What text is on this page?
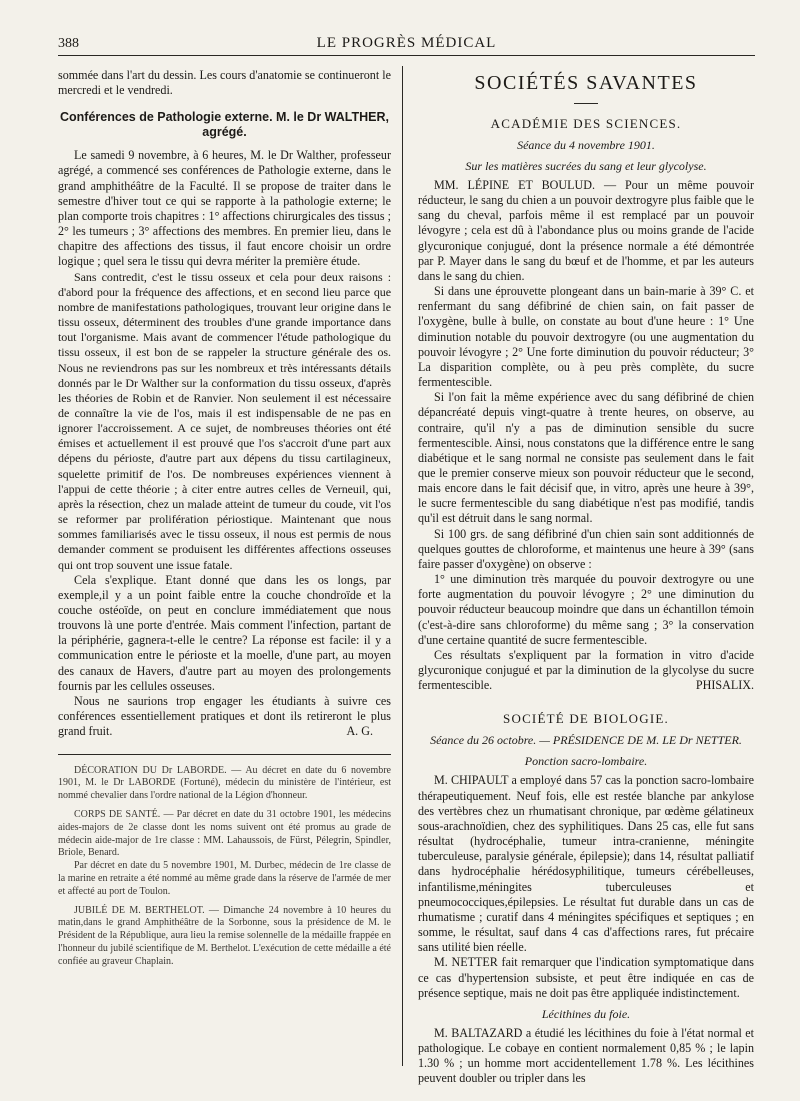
388	LE PROGRÈS MÉDICAL

sommée dans l'art du dessin. Les cours d'anatomie se continueront le mercredi et le vendredi.

Conférences de Pathologie externe. M. le Dr WALTHER, agrégé.

Le samedi 9 novembre, à 6 heures, M. le Dr Walther, professeur agrégé, a commencé ses conférences de Pathologie externe, dans le grand amphithéâtre de la Faculté. Il se propose de traiter dans le semestre d'hiver tout ce qui se rapporte à la pathologie externe; le plan comporte trois chapitres : 1° affections chirurgicales des tissus ; 2° les tumeurs ; 3° affections des membres. En premier lieu, dans le chapitre des affections des tissus, il faut encore choisir un ordre logique ; quel sera le tissu qui devra mériter la première étude.

Sans contredit, c'est le tissu osseux et cela pour deux raisons : d'abord pour la fréquence des affections, et en second lieu parce que nombre de manifestations pathologiques, trouvant leur origine dans le tissu osseux, déterminent des troubles d'une grande importance dans tout l'organisme. Mais avant de commencer l'étude pathologique du tissu osseux, il est bon de se rappeler la structure générale des os. Nous ne reviendrons pas sur les nombreux et très intéressants détails donnés par le Dr Walther sur la conformation du tissu osseux, d'après les théories de Robin et de Ranvier. Non seulement il est nécessaire de connaître la vie de l'os, mais il est indispensable de ne pas en ignorer l'accroissement. A ce sujet, de nombreuses théories ont été émises et actuellement il est prouvé que l'os s'accroit d'une part aux dépens du périoste, d'autre part aux dépens du tissu cartilagineux, squelette primitif de l'os. De nombreuses expériences viennent à l'appui de cette théorie ; à citer entre autres celles de Verneuil, qui, après la résection, chez un malade atteint de tumeur du coude, vit l'os se reformer par prolifération périostique. Maintenant que nous sommes familiarisés avec le tissu osseux, il nous est permis de nous demander comment se produisent les différentes affections osseuses qui ont trop souvent une issue fatale.

Cela s'explique. Etant donné que dans les os longs, par exemple,il y a un point faible entre la couche chondroïde et la couche ostéoïde, on peut en conclure immédiatement que nous trouvons là une porte d'entrée. Mais comment l'infection, partant de la périphérie, gagnera-t-elle le centre? La réponse est facile: il y a communication entre le périoste et la moelle, d'une part, au moyen des canaux de Havers, d'autre part au moyen des prolongements fournis par les cellules osseuses.

Nous ne saurions trop engager les étudiants à suivre ces conférences essentiellement pratiques et dont ils retireront le plus grand fruit.	A. G.

DÉCORATION DU Dr LABORDE. — Au décret en date du 6 novembre 1901, M. le Dr LABORDE (Fortuné), médecin du ministère de l'intérieur, est nommé chevalier dans l'ordre national de la Légion d'honneur.

CORPS DE SANTÉ. — Par décret en date du 31 octobre 1901, les médecins aides-majors de 2e classe dont les noms suivent ont été promus au grade de médecin aide-major de 1re classe : MM. Lahaussois, de Fürst, Pélegrin, Spindler, Briole, Benard.

Par décret en date du 5 novembre 1901, M. Durbec, médecin de 1re classe de la marine en retraite a été nommé au même grade dans la réserve de l'armée de mer et affecté au port de Toulon.

JUBILÉ DE M. BERTHELOT. — Dimanche 24 novembre à 10 heures du matin,dans le grand Amphithéâtre de la Sorbonne, sous la présidence de M. le Président de la République, aura lieu la remise solennelle de la médaille frappée en l'honneur du jubilé scientifique de M. Berthelot. L'exécution de cette médaille a été confiée au graveur Chaplain.

SOCIÉTÉS SAVANTES
ACADÉMIE DES SCIENCES.
Séance du 4 novembre 1901.
Sur les matières sucrées du sang et leur glycolyse.

MM. LÉPINE ET BOULUD. — Pour un même pouvoir réducteur, le sang du chien a un pouvoir dextrogyre plus faible que le sang du cheval, parfois même il est remplacé par un pouvoir lévogyre ; cela est dû à l'abondance plus ou moins grande de l'acide glycuronique conjugué, dont la présence normale a été démontrée par P. Mayer dans le sang du bœuf et de l'homme, et par les auteurs dans le sang du chien.

Si dans une éprouvette plongeant dans un bain-marie à 39° C. et renfermant du sang défibriné de chien sain, on fait passer de l'oxygène, bulle à bulle, on constate au bout d'une heure : 1° Une diminution notable du pouvoir dextrogyre (ou une augmentation du pouvoir lévogyre ; 2° Une forte diminution du pouvoir réducteur; 3° La disparition complète, ou à peu près complète, du sucre fermentescible.

Si l'on fait la même expérience avec du sang défibriné de chien dépancréaté depuis vingt-quatre à trente heures, on observe, au contraire, qu'il n'y a pas de diminution sensible du sucre fermentescible. Ainsi, nous constatons que la différence entre le sang diabétique et le sang normal ne consiste pas seulement dans le fait que le premier conserve mieux son pouvoir réducteur que le second, mais encore dans le fait décisif que, in vitro, après une heure à 39°, le sucre fermentescible du sang diabétique n'est pas modifié, tandis qu'il est détruit dans le sang normal.

Si 100 grs. de sang défibriné d'un chien sain sont additionnés de quelques gouttes de chloroforme, et maintenus une heure à 39° (sans faire passer d'oxygène) on observe :

1° une diminution très marquée du pouvoir dextrogyre ou une forte augmentation du pouvoir lévogyre ; 2° une diminution du pouvoir réducteur beaucoup moindre que dans un échantillon témoin (c'est-à-dire sans chloroforme) du même sang ; 3° la conservation d'une certaine quantité de sucre fermentescible.

Ces résultats s'expliquent par la formation in vitro d'acide glycuronique conjugué et par la diminution de la glycolyse du sucre fermentescible.	PHISALIX.

SOCIÉTÉ DE BIOLOGIE.
Séance du 26 octobre. — PRÉSIDENCE DE M. LE Dr NETTER.
Ponction sacro-lombaire.

M. CHIPAULT a employé dans 57 cas la ponction sacro-lombaire thérapeutiquement. Neuf fois, elle est restée blanche par ankylose des vertèbres chez un rhumatisant chronique, par œdème gélatineux sous-arachnoïdien, chez des syphilitiques. Dans 25 cas, elle fut sans résultat (hydrocéphalie, tumeur intra-cranienne, méningite tuberculeuse, paralysie générale, épilepsie); dans 14, résultat palliatif dans hydrocéphalie hérédosyphilitique, tumeurs cérébelleuses, infantilisme,méningites tuberculeuses et pneumococciques,épilepsies. Le résultat fut durable dans un cas de rhumatisme ; curatif dans 4 méningites spécifiques et septiques ; en somme, le résultat, sauf dans 4 cas d'affections rares, fut précaire sans utilité bien réelle.

M. NETTER fait remarquer que l'indication symptomatique dans ce cas d'hypertension subsiste, et peut être indiquée en cas de présence septique, mais ne doit pas être appliquée indistinctement.

Lécithines du foie.

M. BALTAZARD a étudié les lécithines du foie à l'état normal et pathologique. Le cobaye en contient normalement 0,85 % ; le lapin 1.30 % ; un homme mort accidentellement 1.78 %. Les lécithines peuvent doubler ou tripler dans les
